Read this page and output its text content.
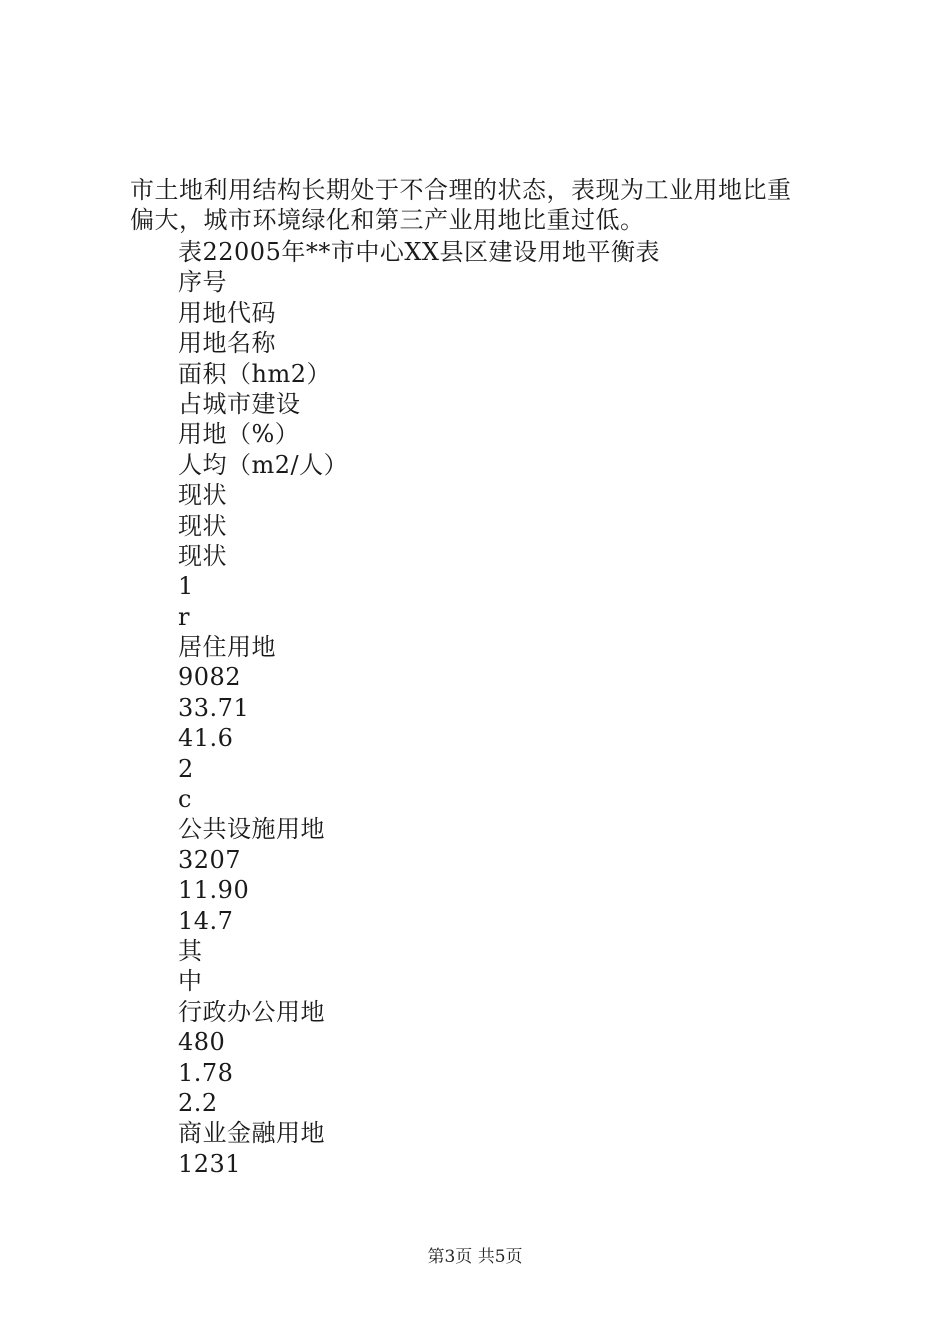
市土地利用结构长期处于不合理的状态，表现为工业用地比重
偏大，城市环境绿化和第三产业用地比重过低。
表22005年**市中心XX县区建设用地平衡表
序号
用地代码
用地名称
面积（hm2）
占城市建设
用地（%）
人均（m2/人）
现状
现状
现状
1
r
居住用地
9082
33.71
41.6
2
c
公共设施用地
3207
11.90
14.7
其
中
行政办公用地
480
1.78
2.2
商业金融用地
1231
第3页 共5页
